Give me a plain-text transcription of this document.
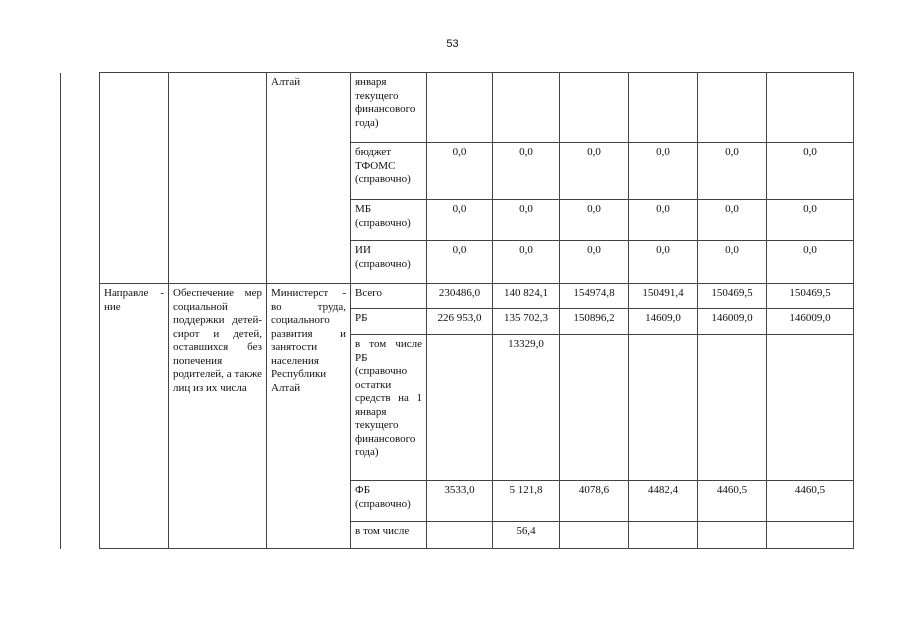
53
			Алтай	января текущего финансового года)						
				бюджет ТФОМС (справочно)	0,0	0,0	0,0	0,0	0,0	0,0
				МБ (справочно)	0,0	0,0	0,0	0,0	0,0	0,0
				ИИ (справочно)	0,0	0,0	0,0	0,0	0,0	0,0
	Направле - ние	Обеспечение мер социальной поддержки детей-сирот и детей, оставшихся без попечения родителей, а также лиц из их числа	Министерст - во труда, социального развития и занятости населения Республики Алтай	Всего	230486,0	140 824,1	154974,8	150491,4	150469,5	150469,5
				РБ	226 953,0	135 702,3	150896,2	14609,0	146009,0	146009,0
				в том числе РБ (справочно остатки средств на 1 января текущего финансового года)		13329,0				
				ФБ (справочно)	3533,0	5 121,8	4078,6	4482,4	4460,5	4460,5
				в том числе		56,4				
